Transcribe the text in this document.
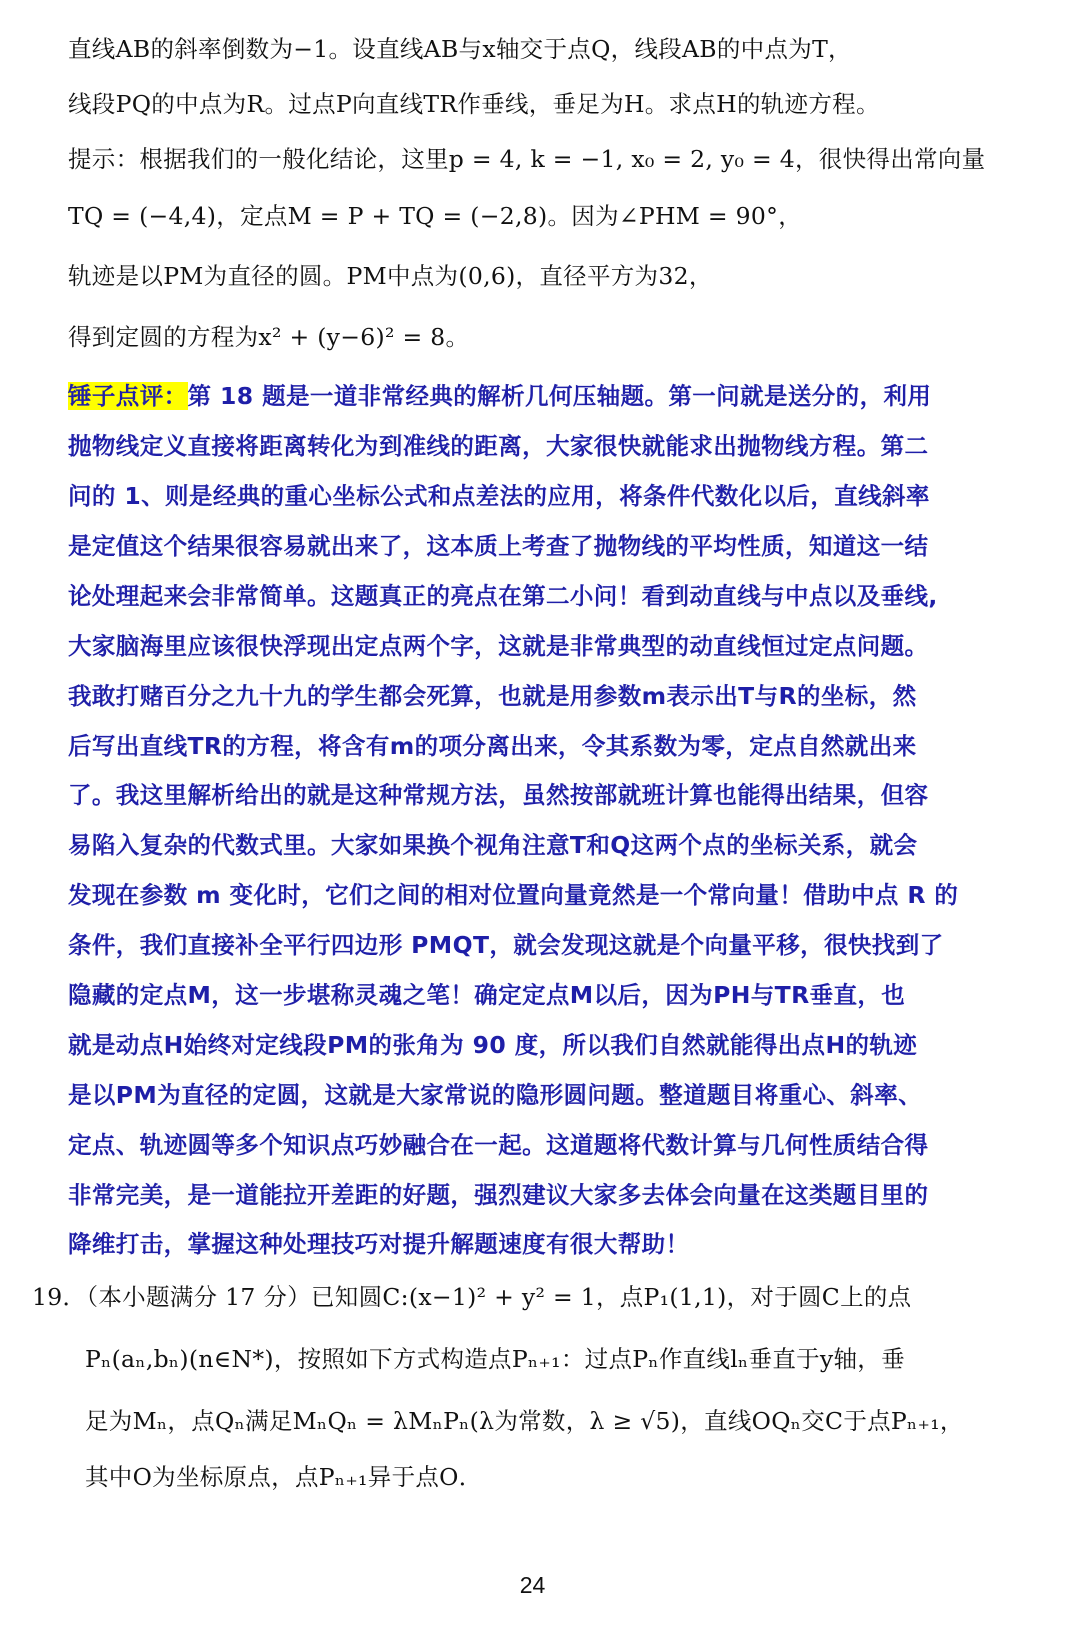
直线AB的斜率倒数为−1。设直线AB与x轴交于点Q，线段AB的中点为T，
线段PQ的中点为R。过点P向直线TR作垂线，垂足为H。求点H的轨迹方程。
提示：根据我们的一般化结论，这里p = 4, k = −1, x₀ = 2, y₀ = 4，很快得出常向量
TQ = (−4,4)，定点M = P + TQ = (−2,8)。因为∠PHM = 90°，
轨迹是以PM为直径的圆。PM中点为(0,6)，直径平方为32，
得到定圆的方程为x² + (y−6)² = 8。
锤子点评：第 18 题是一道非常经典的解析几何压轴题。第一问就是送分的，利用
抛物线定义直接将距离转化为到准线的距离，大家很快就能求出抛物线方程。第二
问的 1、则是经典的重心坐标公式和点差法的应用，将条件代数化以后，直线斜率
是定值这个结果很容易就出来了，这本质上考查了抛物线的平均性质，知道这一结
论处理起来会非常简单。这题真正的亮点在第二小问！看到动直线与中点以及垂线,
大家脑海里应该很快浮现出定点两个字，这就是非常典型的动直线恒过定点问题。
我敢打赌百分之九十九的学生都会死算，也就是用参数m表示出T与R的坐标，然
后写出直线TR的方程，将含有m的项分离出来，令其系数为零，定点自然就出来
了。我这里解析给出的就是这种常规方法，虽然按部就班计算也能得出结果，但容
易陷入复杂的代数式里。大家如果换个视角注意T和Q这两个点的坐标关系，就会
发现在参数 m 变化时，它们之间的相对位置向量竟然是一个常向量！借助中点 R 的
条件，我们直接补全平行四边形 PMQT，就会发现这就是个向量平移，很快找到了
隐藏的定点M，这一步堪称灵魂之笔！确定定点M以后，因为PH与TR垂直，也
就是动点H始终对定线段PM的张角为 90 度，所以我们自然就能得出点H的轨迹
是以PM为直径的定圆，这就是大家常说的隐形圆问题。整道题目将重心、斜率、
定点、轨迹圆等多个知识点巧妙融合在一起。这道题将代数计算与几何性质结合得
非常完美，是一道能拉开差距的好题，强烈建议大家多去体会向量在这类题目里的
降维打击，掌握这种处理技巧对提升解题速度有很大帮助！
19．（本小题满分 17 分）已知圆C:(x−1)² + y² = 1，点P₁(1,1)，对于圆C上的点
Pₙ(aₙ,bₙ)(n∈N*)，按照如下方式构造点Pₙ₊₁：过点Pₙ作直线lₙ垂直于y轴，垂
足为Mₙ，点Qₙ满足MₙQₙ = λMₙPₙ(λ为常数，λ ≥ √5)，直线OQₙ交C于点Pₙ₊₁，
其中O为坐标原点，点Pₙ₊₁异于点O．
24
